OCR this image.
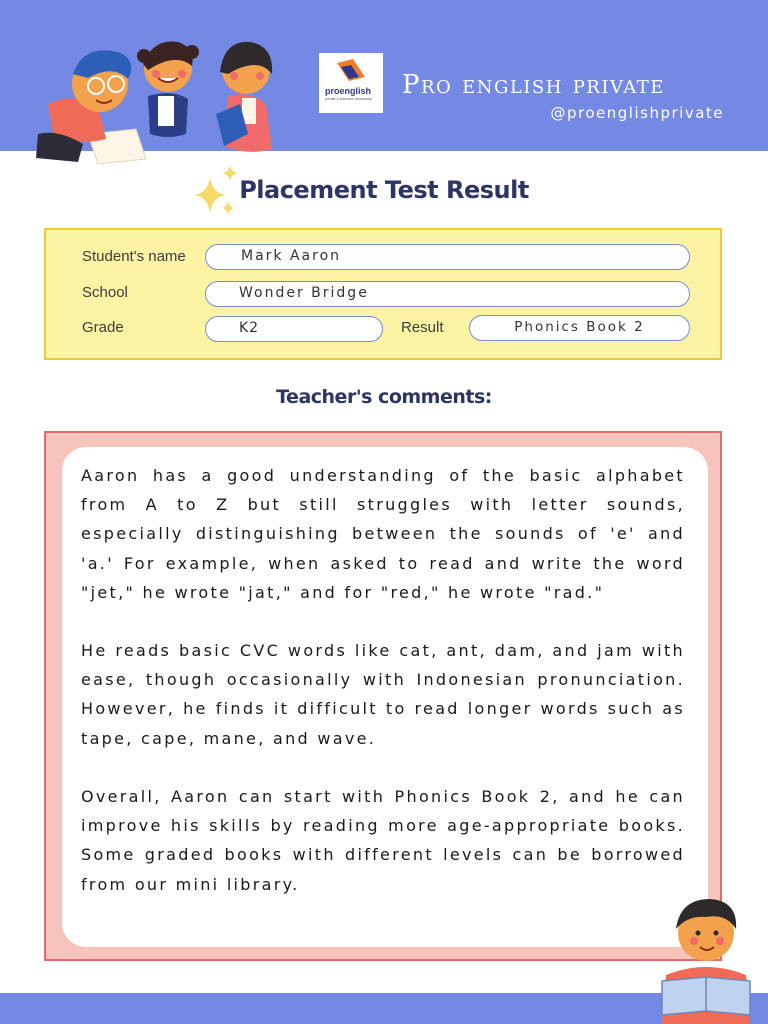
proenglish
private & intensive homestudy Pro english private
@proenglishprivate
Placement Test Result
Student's name	Mark Aaron
School	Wonder Bridge
Grade	K2	Result	Phonics Book 2
Teacher's comments:

Aaron has a good understanding of the basic alphabet from A to Z but still struggles with letter sounds, especially distinguishing between the sounds of 'e' and 'a.' For example, when asked to read and write the word "jet," he wrote "jat," and for "red," he wrote "rad."

He reads basic CVC words like cat, ant, dam, and jam with ease, though occasionally with Indonesian pronunciation. However, he finds it difficult to read longer words such as tape, cape, mane, and wave.

Overall, Aaron can start with Phonics Book 2, and he can improve his skills by reading more age-appropriate books. Some graded books with different levels can be borrowed from our mini library.
